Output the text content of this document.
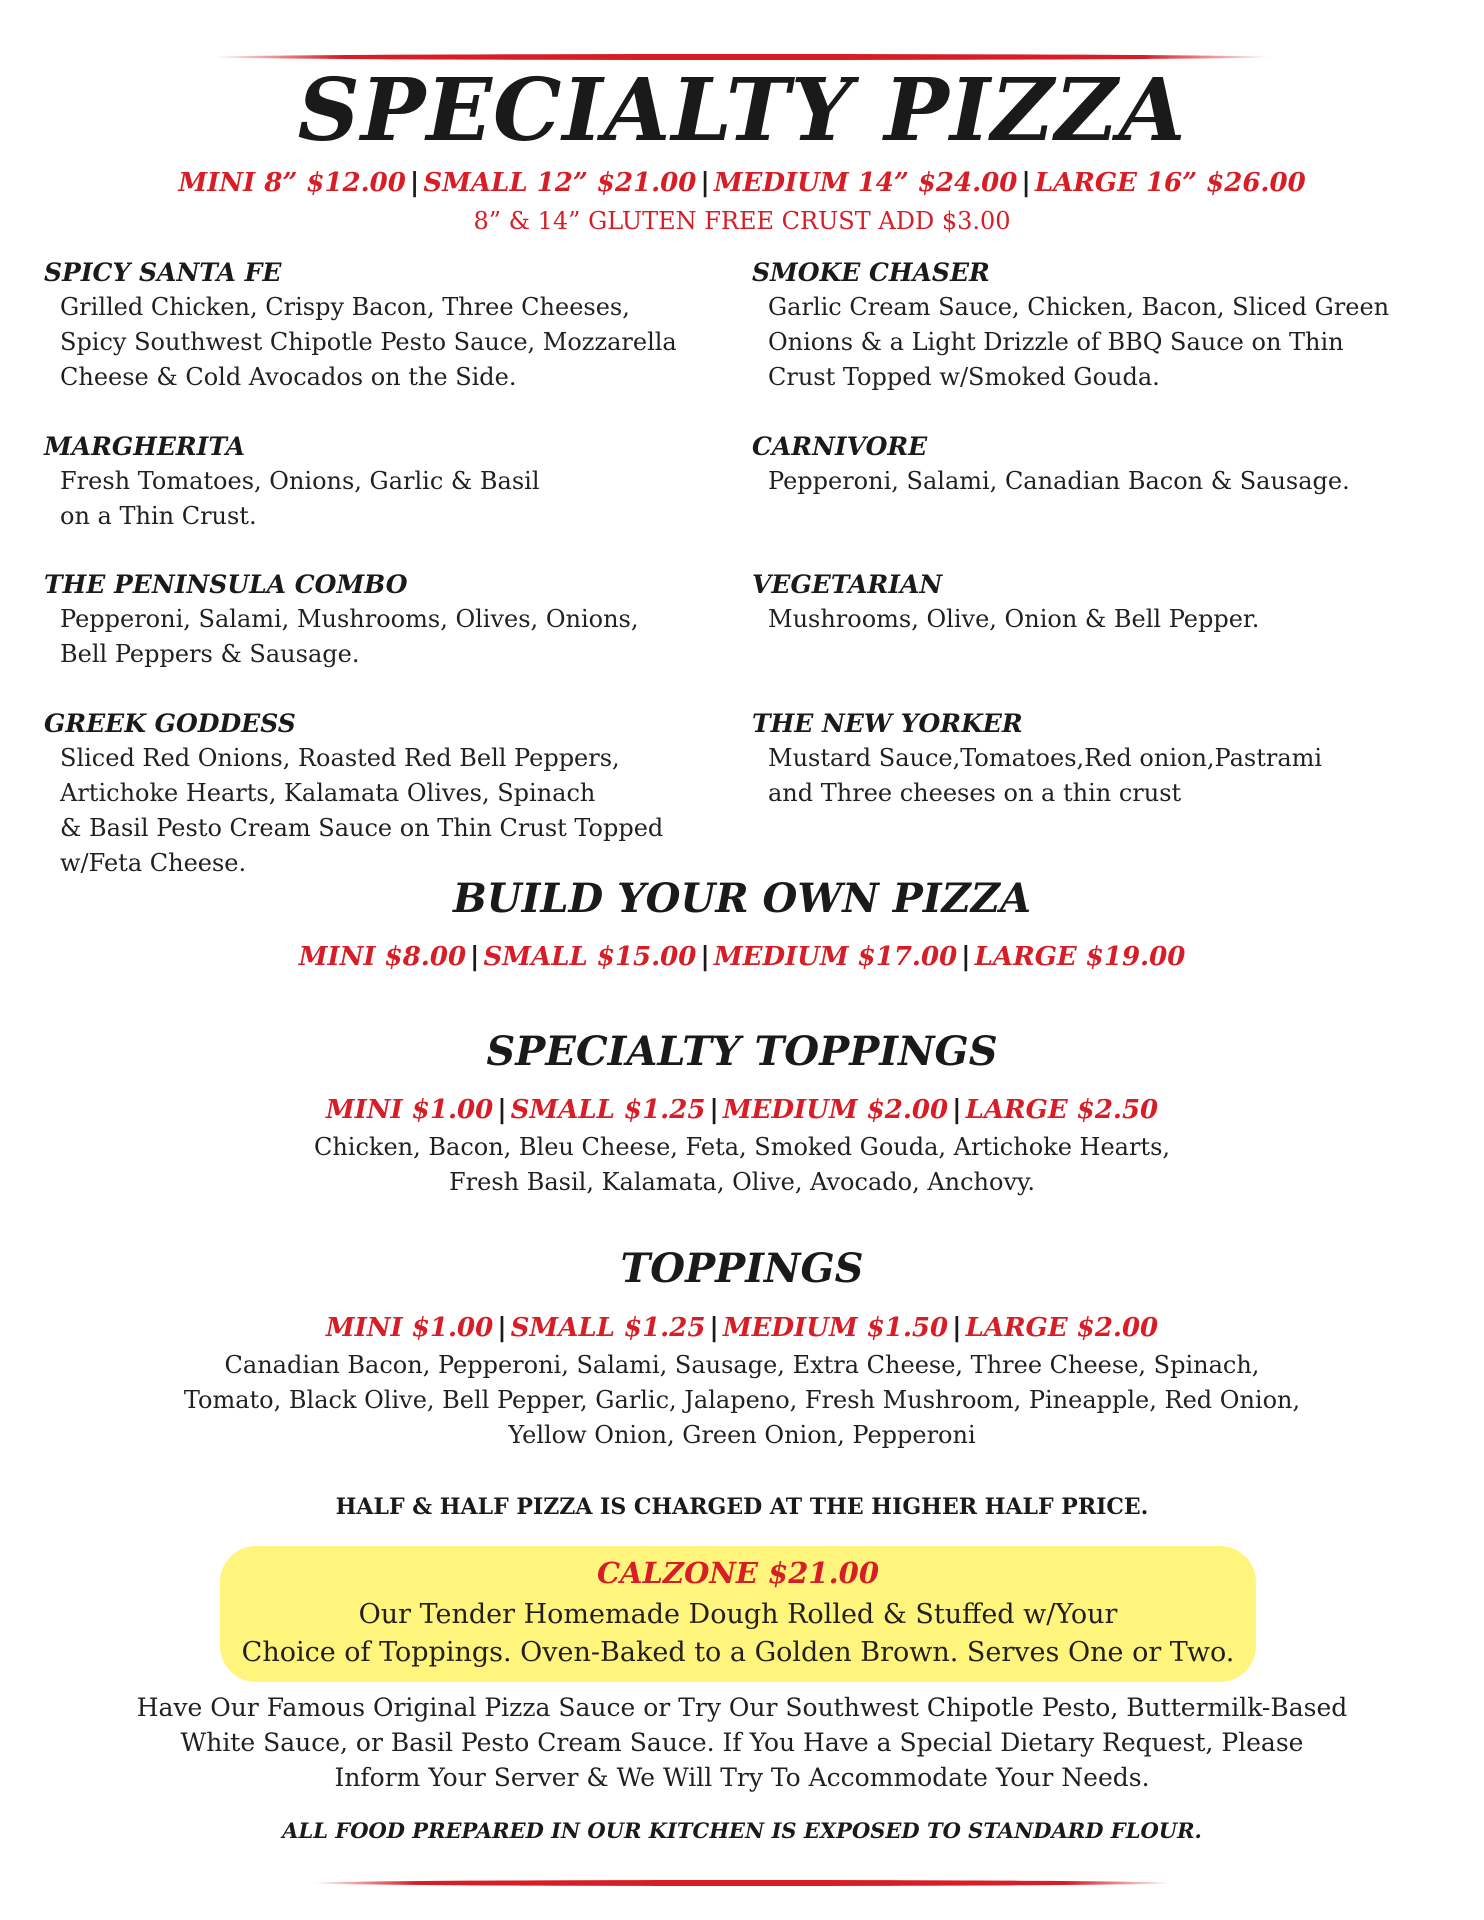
SPECIALTY PIZZA
MINI 8” $12.00 | SMALL 12” $21.00 | MEDIUM 14” $24.00 | LARGE 16” $26.00
8” & 14” GLUTEN FREE CRUST ADD $3.00
SPICY SANTA FE
Grilled Chicken, Crispy Bacon, Three Cheeses,
Spicy Southwest Chipotle Pesto Sauce, Mozzarella
Cheese & Cold Avocados on the Side.
SMOKE CHASER
Garlic Cream Sauce, Chicken, Bacon, Sliced Green
Onions & a Light Drizzle of BBQ Sauce on Thin
Crust Topped w/Smoked Gouda.
MARGHERITA
Fresh Tomatoes, Onions, Garlic & Basil
on a Thin Crust.
CARNIVORE
Pepperoni, Salami, Canadian Bacon & Sausage.
THE PENINSULA COMBO
Pepperoni, Salami, Mushrooms, Olives, Onions,
Bell Peppers & Sausage.
VEGETARIAN
Mushrooms, Olive, Onion & Bell Pepper.
GREEK GODDESS
Sliced Red Onions, Roasted Red Bell Peppers,
Artichoke Hearts, Kalamata Olives, Spinach
& Basil Pesto Cream Sauce on Thin Crust Topped
w/Feta Cheese.
THE NEW YORKER
Mustard Sauce,Tomatoes,Red onion,Pastrami
and Three cheeses on a thin crust
BUILD YOUR OWN PIZZA
MINI $8.00 | SMALL $15.00 | MEDIUM $17.00 | LARGE $19.00
SPECIALTY TOPPINGS
MINI $1.00 | SMALL $1.25 | MEDIUM $2.00 | LARGE $2.50
Chicken, Bacon, Bleu Cheese, Feta, Smoked Gouda, Artichoke Hearts,
Fresh Basil, Kalamata, Olive, Avocado, Anchovy.
TOPPINGS
MINI $1.00 | SMALL $1.25 | MEDIUM $1.50 | LARGE $2.00
Canadian Bacon, Pepperoni, Salami, Sausage, Extra Cheese, Three Cheese, Spinach,
Tomato, Black Olive, Bell Pepper, Garlic, Jalapeno, Fresh Mushroom, Pineapple, Red Onion,
Yellow Onion, Green Onion, Pepperoni
HALF & HALF PIZZA IS CHARGED AT THE HIGHER HALF PRICE.
CALZONE $21.00
Our Tender Homemade Dough Rolled & Stuffed w/Your
Choice of Toppings. Oven-Baked to a Golden Brown. Serves One or Two.
Have Our Famous Original Pizza Sauce or Try Our Southwest Chipotle Pesto, Buttermilk-Based
White Sauce, or Basil Pesto Cream Sauce. If You Have a Special Dietary Request, Please
Inform Your Server & We Will Try To Accommodate Your Needs.
ALL FOOD PREPARED IN OUR KITCHEN IS EXPOSED TO STANDARD FLOUR.
